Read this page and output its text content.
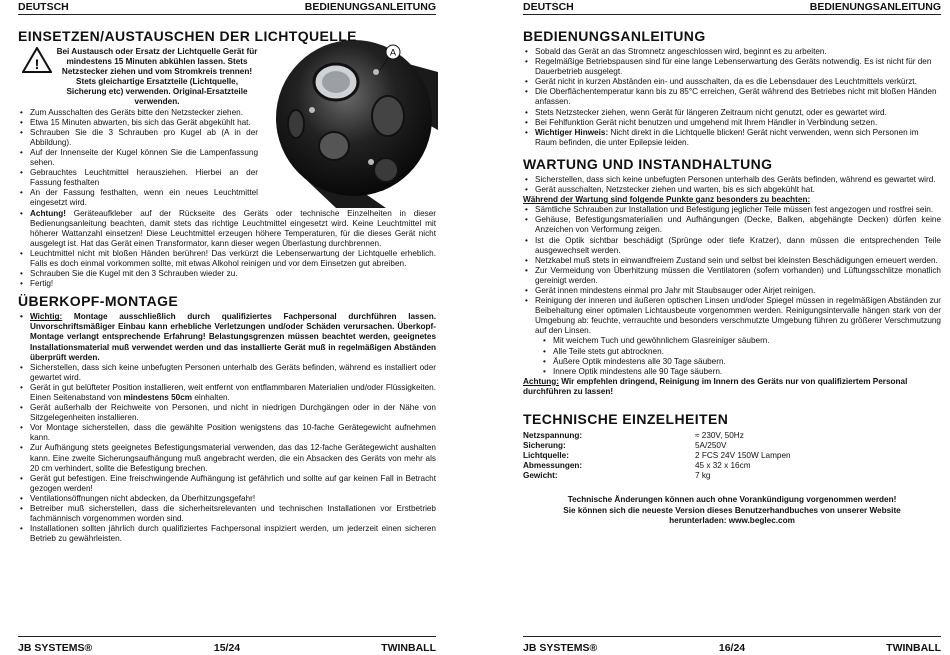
DEUTSCH	BEDIENUNGSANLEITUNG
A
EINSETZEN/AUSTAUSCHEN DER LICHTQUELLE
!
Bei Austausch oder Ersatz der Lichtquelle Gerät für mindestens 15 Minuten abkühlen lassen. Stets Netzstecker ziehen und vom Stromkreis trennen! Stets gleichartige Ersatzteile (Lichtquelle, Sicherung etc) verwenden. Original-Ersatzteile verwenden.
• Zum Ausschalten des Geräts bitte den Netzstecker ziehen.
• Etwa 15 Minuten abwarten, bis sich das Gerät abgekühlt hat.
• Schrauben Sie die 3 Schrauben pro Kugel ab (A in der Abbildung).
• Auf der Innenseite der Kugel können Sie die Lampenfassung sehen.
• Gebrauchtes Leuchtmittel herausziehen. Hierbei an der Fassung festhalten
• An der Fassung festhalten, wenn ein neues Leuchtmittel eingesetzt wird.
• Achtung! Geräteaufkleber auf der Rückseite des Geräts oder technische Einzelheiten in dieser Bedienungsanleitung beachten, damit stets das richtige Leuchtmittel eingesetzt wird. Keine Leuchtmittel mit höherer Wattanzahl einsetzen! Diese Leuchtmittel erzeugen höhere Temperaturen, für die dieses Gerät nicht ausgelegt ist. Hat das Gerät einen Transformator, kann dieser wegen Überlastung durchbrennen.
• Leuchtmittel nicht mit bloßen Händen berühren! Das verkürzt die Lebenserwartung der Lichtquelle erheblich. Falls es doch einmal vorkommen sollte, mit etwas Alkohol reinigen und vor dem Einsetzen gut abreiben.
• Schrauben Sie die Kugel mit den 3 Schrauben wieder zu.
• Fertig!
ÜBERKOPF-MONTAGE
• Wichtig: Montage ausschließlich durch qualifiziertes Fachpersonal durchführen lassen. Unvorschriftsmäßiger Einbau kann erhebliche Verletzungen und/oder Schäden verursachen. Überkopf-Montage verlangt entsprechende Erfahrung! Belastungsgrenzen müssen beachtet werden, geeignetes Installationsmaterial muß verwendet werden und das installierte Gerät muß in regelmäßigen Abständen überprüft werden.
• Sicherstellen, dass sich keine unbefugten Personen unterhalb des Geräts befinden, während es installiert oder gewartet wird.
• Gerät in gut belüfteter Position installieren, weit entfernt von entflammbaren Materialien und/oder Flüssigkeiten. Einen Seitenabstand von mindestens 50cm einhalten.
• Gerät außerhalb der Reichweite von Personen, und nicht in niedrigen Durchgängen oder in der Nähe von Sitzgelegenheiten installieren.
• Vor Montage sicherstellen, dass die gewählte Position wenigstens das 10-fache Gerätegewicht aufnehmen kann.
• Zur Aufhängung stets geeignetes Befestigungsmaterial verwenden, das das 12-fache Gerätegewicht aushalten kann. Eine zweite Sicherungsaufhängung muß angebracht werden, die ein Absacken des Geräts von mehr als 20 cm verhindert, sollte die Befestigung brechen.
• Gerät gut befestigen. Eine freischwingende Aufhängung ist gefährlich und sollte auf gar keinen Fall in Betracht gezogen werden!
• Ventilationsöffnungen nicht abdecken, da Überhitzungsgefahr!
• Betreiber muß sicherstellen, dass die sicherheitsrelevanten und technischen Installationen vor Erstbetrieb fachmännisch vorgenommen worden sind.
• Installationen sollten jährlich durch qualifiziertes Fachpersonal inspiziert werden, um jederzeit einen sicheren Betrieb zu gewährleisten.
JB SYSTEMS®	15/24	TWINBALL
DEUTSCH	BEDIENUNGSANLEITUNG
BEDIENUNGSANLEITUNG
• Sobald das Gerät an das Stromnetz angeschlossen wird, beginnt es zu arbeiten.
• Regelmäßige Betriebspausen sind für eine lange Lebenserwartung des Geräts notwendig. Es ist nicht für den Dauerbetrieb ausgelegt.
• Gerät nicht in kurzen Abständen ein- und ausschalten, da es die Lebensdauer des Leuchtmittels verkürzt.
• Die Oberflächentemperatur kann bis zu 85°C erreichen, Gerät während des Betriebes nicht mit bloßen Händen anfassen.
• Stets Netzstecker ziehen, wenn Gerät für längeren Zeitraum nicht genutzt, oder es gewartet wird.
• Bei Fehlfunktion Gerät nicht benutzen und umgehend mit Ihrem Händler in Verbindung setzen.
• Wichtiger Hinweis: Nicht direkt in die Lichtquelle blicken! Gerät nicht verwenden, wenn sich Personen im Raum befinden, die unter Epilepsie leiden.
WARTUNG UND INSTANDHALTUNG
• Sicherstellen, dass sich keine unbefugten Personen unterhalb des Geräts befinden, während es gewartet wird.
• Gerät ausschalten, Netzstecker ziehen und warten, bis es sich abgekühlt hat.

Während der Wartung sind folgende Punkte ganz besonders zu beachten:

• Sämtliche Schrauben zur Installation und Befestigung jeglicher Teile müssen fest angezogen und rostfrei sein.
• Gehäuse, Befestigungsmaterialien und Aufhängungen (Decke, Balken, abgehängte Decken) dürfen keine Anzeichen von Verformung zeigen.
• Ist die Optik sichtbar beschädigt (Sprünge oder tiefe Kratzer), dann müssen die entsprechenden Teile ausgewechselt werden.
• Netzkabel muß stets in einwandfreiem Zustand sein und selbst bei kleinsten Beschädigungen erneuert werden.
• Zur Vermeidung von Überhitzung müssen die Ventilatoren (sofern vorhanden) und Lüftungsschlitze monatlich gereinigt werden.
• Gerät innen mindestens einmal pro Jahr mit Staubsauger oder Airjet reinigen.
• Reinigung der inneren und äußeren optischen Linsen und/oder Spiegel müssen in regelmäßigen Abständen zur Beibehaltung einer optimalen Lichtausbeute vorgenommen werden. Reinigungsintervalle hängen stark von der Umgebung ab: feuchte, verrauchte und besonders verschmutzte Umgebung führen zu größerer Verschmutzung auf den Linsen.
• Mit weichem Tuch und gewöhnlichem Glasreiniger säubern.
• Alle Teile stets gut abtrocknen.
• Äußere Optik mindestens alle 30 Tage säubern.
• Innere Optik mindestens alle 90 Tage säubern.

Achtung: Wir empfehlen dringend, Reinigung im Innern des Geräts nur von qualifiziertem Personal durchführen zu lassen!

TECHNISCHE EINZELHEITEN
Netzspannung:	≈ 230V, 50Hz
Sicherung:	5A/250V
Lichtquelle:	2 FCS 24V 150W Lampen
Abmessungen:	45 x 32 x 16cm
Gewicht:	7 kg

Technische Änderungen können auch ohne Vorankündigung vorgenommen werden!

Sie können sich die neueste Version dieses Benutzerhandbuches von unserer Website

herunterladen: www.beglec.com

JB SYSTEMS®	16/24	TWINBALL
